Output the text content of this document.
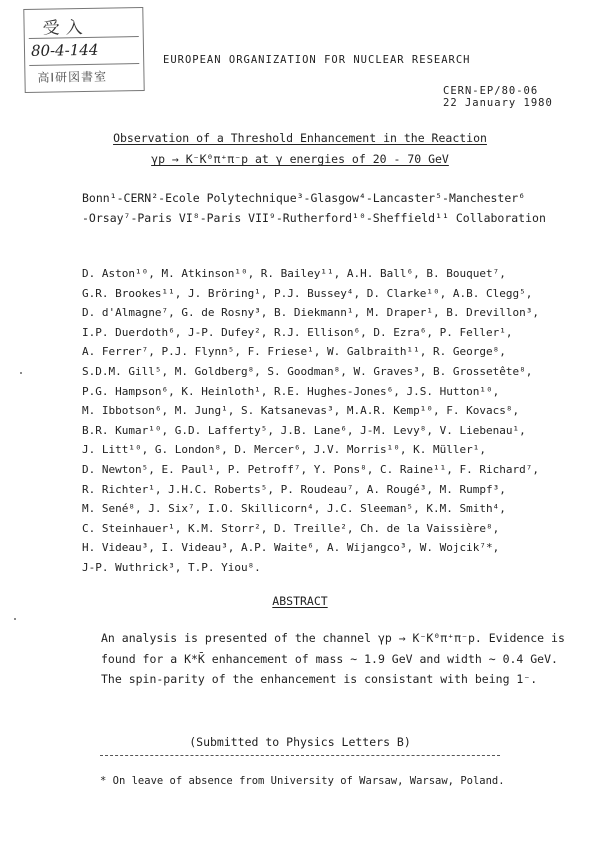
受入
80-4-144
高I研図書室
EUROPEAN ORGANIZATION FOR NUCLEAR RESEARCH
CERN-EP/80-06
22 January 1980
Observation of a Threshold Enhancement in the Reaction
γp → K⁻K⁰π⁺π⁻p at γ energies of 20 - 70 GeV
Bonn¹-CERN²-Ecole Polytechnique³-Glasgow⁴-Lancaster⁵-Manchester⁶
-Orsay⁷-Paris VI⁸-Paris VII⁹-Rutherford¹⁰-Sheffield¹¹ Collaboration
D. Aston¹⁰, M. Atkinson¹⁰, R. Bailey¹¹, A.H. Ball⁶, B. Bouquet⁷,
G.R. Brookes¹¹, J. Bröring¹, P.J. Bussey⁴, D. Clarke¹⁰, A.B. Clegg⁵,
D. d'Almagne⁷, G. de Rosny³, B. Diekmann¹, M. Draper¹, B. Drevillon³,
I.P. Duerdoth⁶, J-P. Dufey², R.J. Ellison⁶, D. Ezra⁶, P. Feller¹,
A. Ferrer⁷, P.J. Flynn⁵, F. Friese¹, W. Galbraith¹¹, R. George⁸,
S.D.M. Gill⁵, M. Goldberg⁸, S. Goodman⁸, W. Graves³, B. Grossetête⁸,
P.G. Hampson⁶, K. Heinloth¹, R.E. Hughes-Jones⁶, J.S. Hutton¹⁰,
M. Ibbotson⁶, M. Jung¹, S. Katsanevas³, M.A.R. Kemp¹⁰, F. Kovacs⁸,
B.R. Kumar¹⁰, G.D. Lafferty⁵, J.B. Lane⁶, J-M. Levy⁸, V. Liebenau¹,
J. Litt¹⁰, G. London⁸, D. Mercer⁶, J.V. Morris¹⁰, K. Müller¹,
D. Newton⁵, E. Paul¹, P. Petroff⁷, Y. Pons⁸, C. Raine¹¹, F. Richard⁷,
R. Richter¹, J.H.C. Roberts⁵, P. Roudeau⁷, A. Rougé³, M. Rumpf³,
M. Sené⁸, J. Six⁷, I.O. Skillicorn⁴, J.C. Sleeman⁵, K.M. Smith⁴,
C. Steinhauer¹, K.M. Storr², D. Treille², Ch. de la Vaissière⁸,
H. Videau³, I. Videau³, A.P. Waite⁶, A. Wijangco³, W. Wojcik⁷*,
J-P. Wuthrick³, T.P. Yiou⁸.
ABSTRACT
An analysis is presented of the channel γp → K⁻K⁰π⁺π⁻p. Evidence is
found for a K*K̄ enhancement of mass ∼ 1.9 GeV and width ∼ 0.4 GeV.
The spin-parity of the enhancement is consistant with being 1⁻.
(Submitted to Physics Letters B)
* On leave of absence from University of Warsaw, Warsaw, Poland.
